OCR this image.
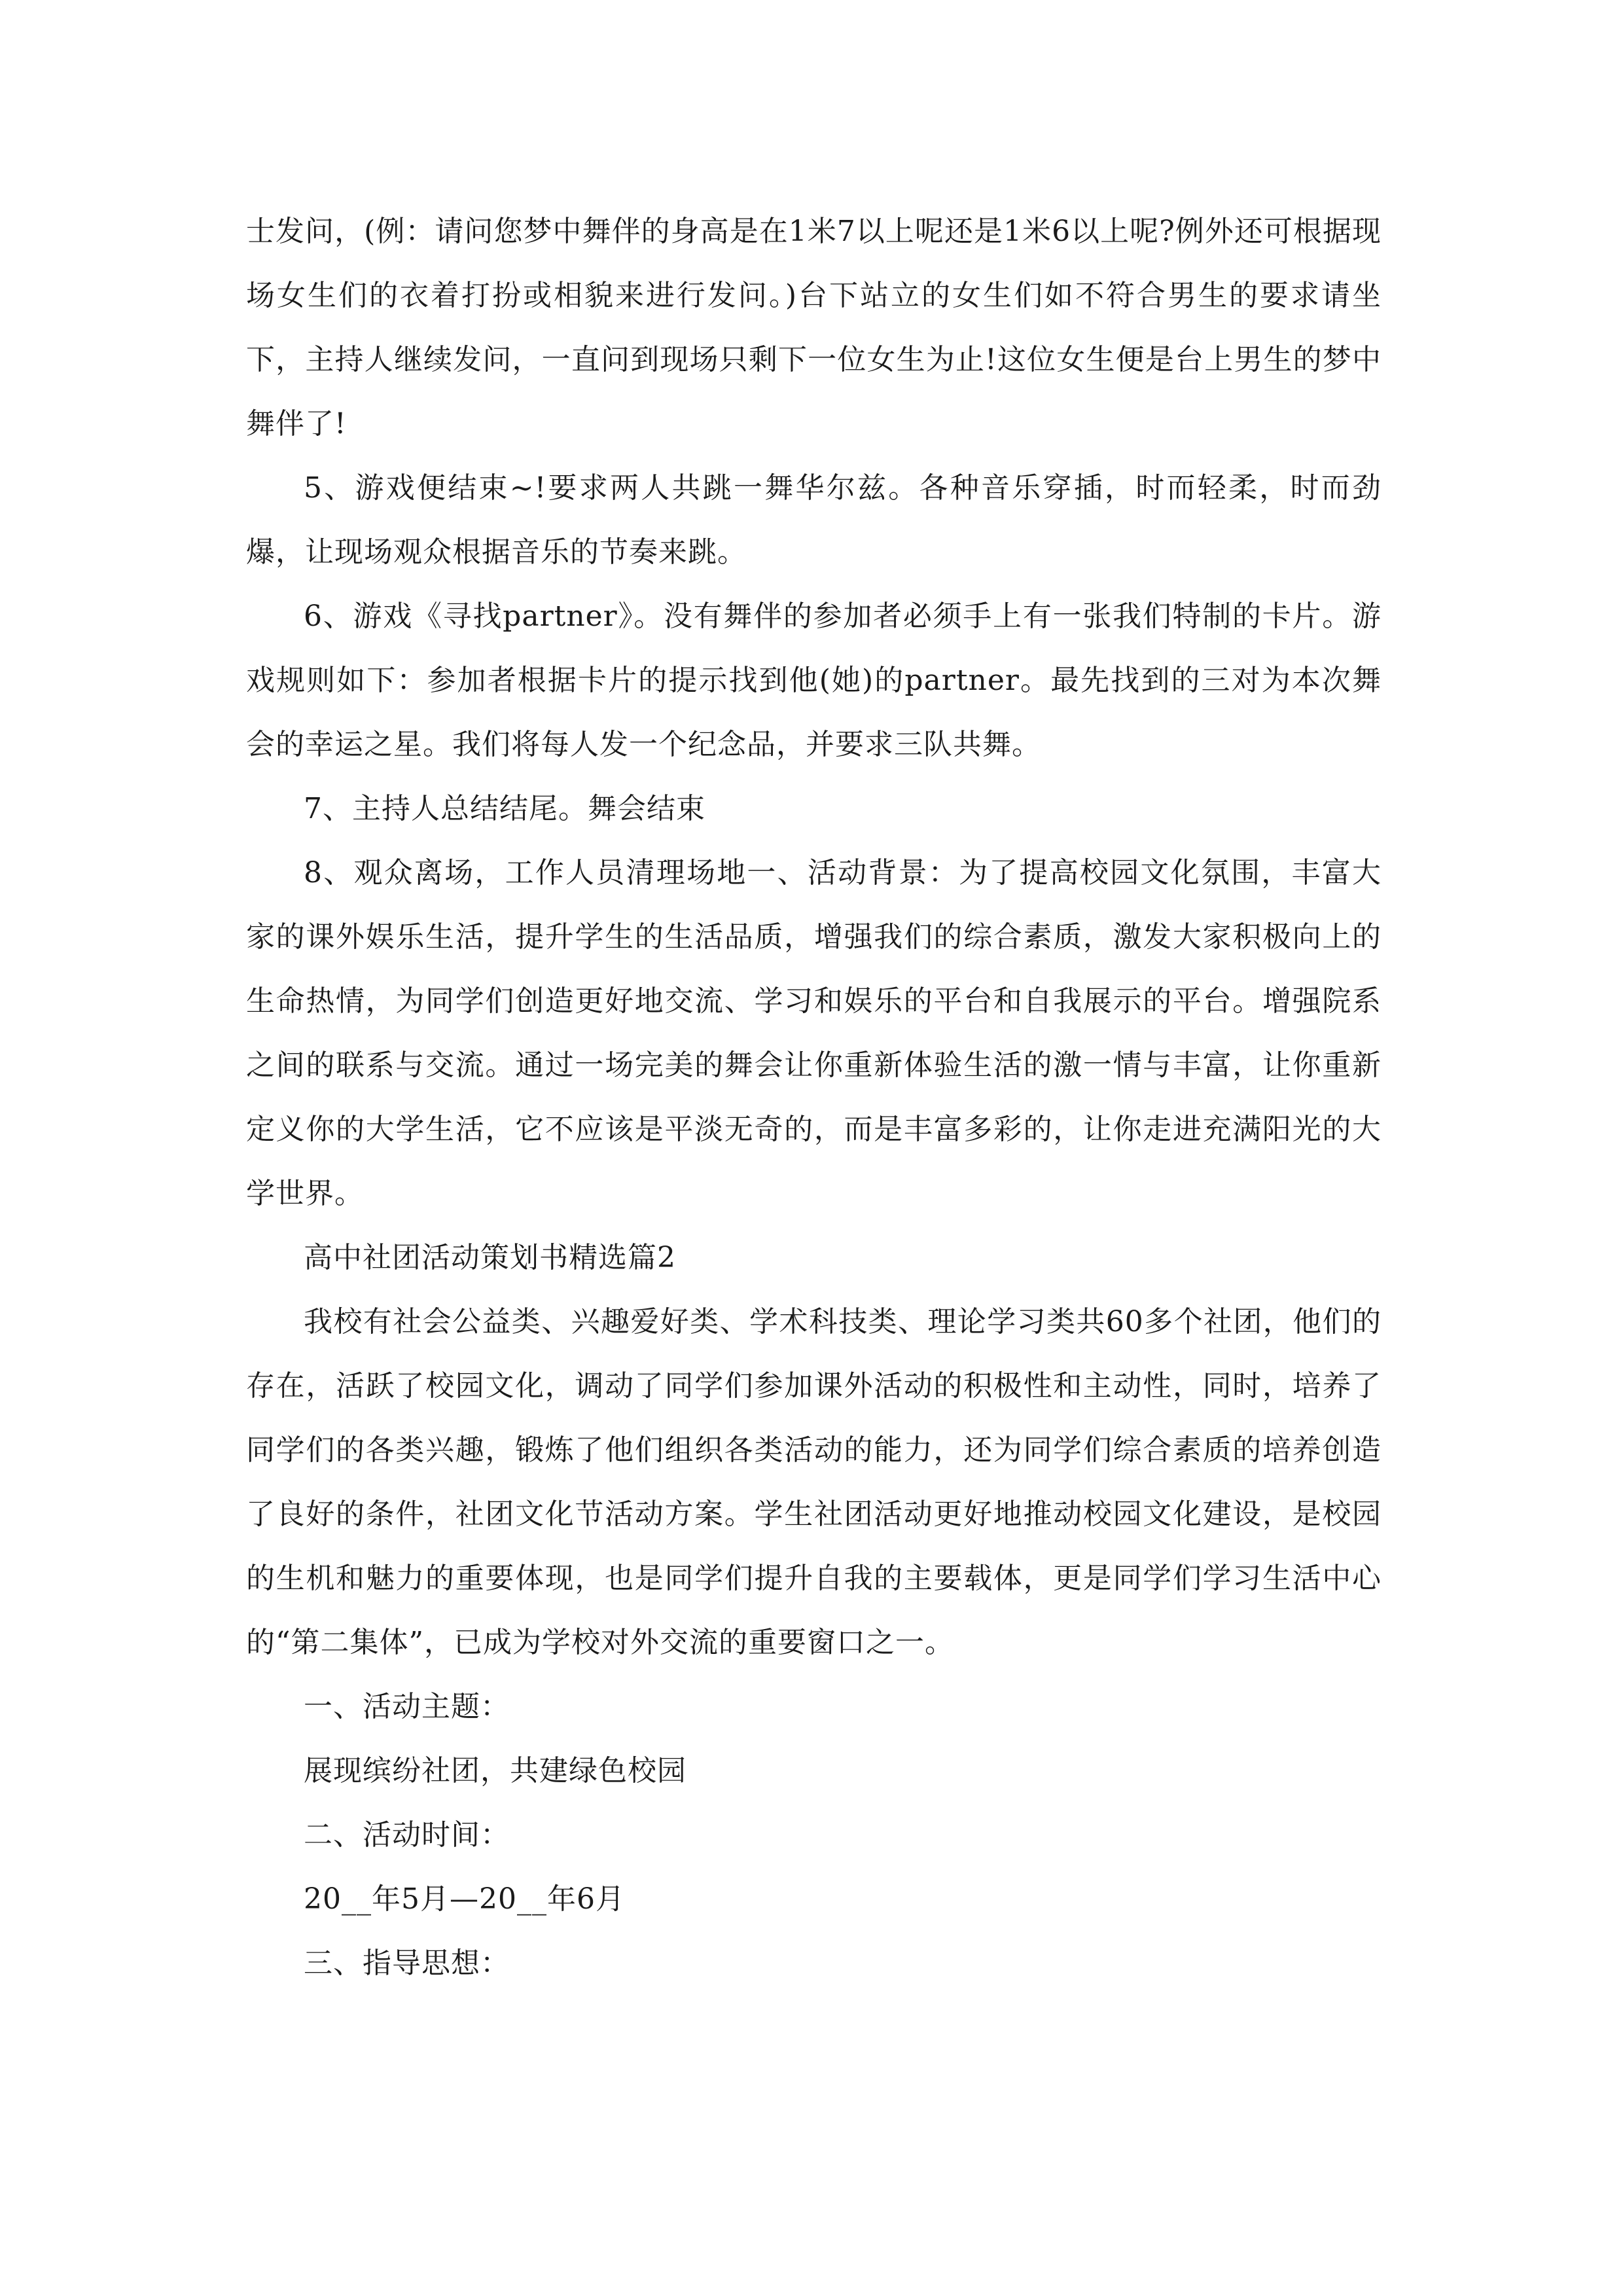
士发问，(例：请问您梦中舞伴的身高是在1米7以上呢还是1米6以上呢?例外还可根据现场女生们的衣着打扮或相貌来进行发问。)台下站立的女生们如不符合男生的要求请坐下，主持人继续发问，一直问到现场只剩下一位女生为止!这位女生便是台上男生的梦中舞伴了!

5、游戏便结束~!要求两人共跳一舞华尔兹。各种音乐穿插，时而轻柔，时而劲爆，让现场观众根据音乐的节奏来跳。

6、游戏《寻找partner》。没有舞伴的参加者必须手上有一张我们特制的卡片。游戏规则如下：参加者根据卡片的提示找到他(她)的partner。最先找到的三对为本次舞会的幸运之星。我们将每人发一个纪念品，并要求三队共舞。

7、主持人总结结尾。舞会结束

8、观众离场，工作人员清理场地一、活动背景：为了提高校园文化氛围，丰富大家的课外娱乐生活，提升学生的生活品质，增强我们的综合素质，激发大家积极向上的生命热情，为同学们创造更好地交流、学习和娱乐的平台和自我展示的平台。增强院系之间的联系与交流。通过一场完美的舞会让你重新体验生活的激一情与丰富，让你重新定义你的大学生活，它不应该是平淡无奇的，而是丰富多彩的，让你走进充满阳光的大学世界。

高中社团活动策划书精选篇2

我校有社会公益类、兴趣爱好类、学术科技类、理论学习类共60多个社团，他们的存在，活跃了校园文化，调动了同学们参加课外活动的积极性和主动性，同时，培养了同学们的各类兴趣，锻炼了他们组织各类活动的能力，还为同学们综合素质的培养创造了良好的条件，社团文化节活动方案。学生社团活动更好地推动校园文化建设，是校园的生机和魅力的重要体现，也是同学们提升自我的主要载体，更是同学们学习生活中心的“第二集体”，已成为学校对外交流的重要窗口之一。

一、活动主题：

展现缤纷社团，共建绿色校园

二、活动时间：

20__年5月—20__年6月

三、指导思想：
